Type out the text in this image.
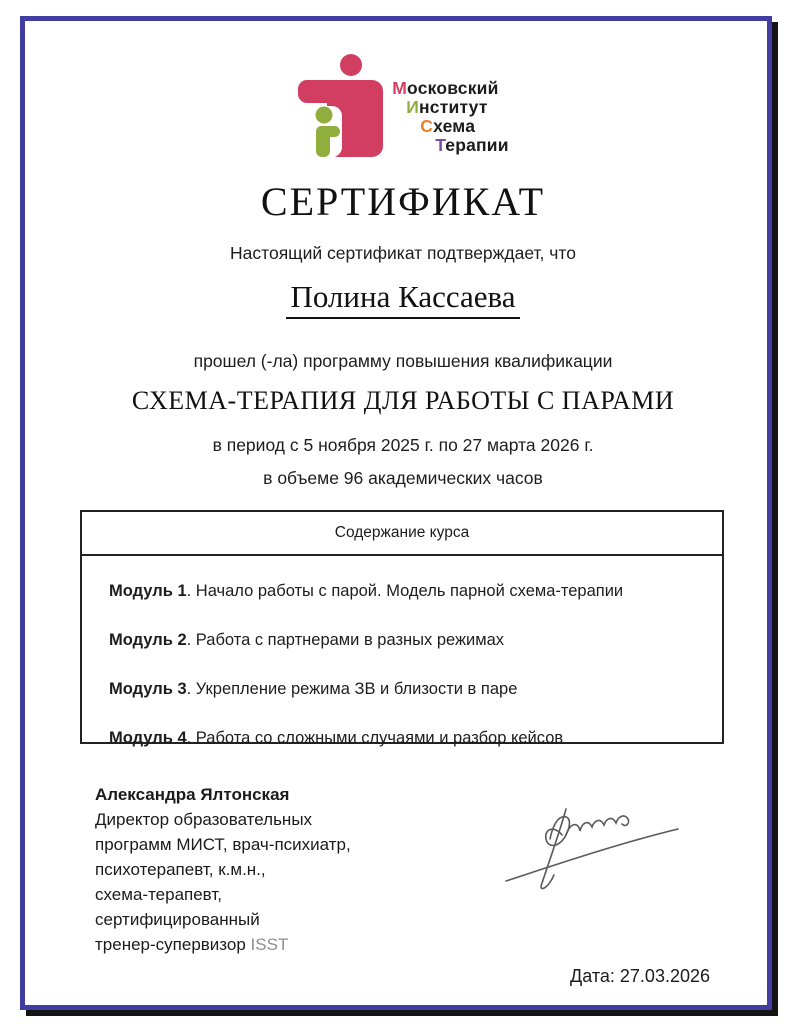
Московский
Институт
Схема
Терапии
СЕРТИФИКАТ
Настоящий сертификат подтверждает, что
Полина Кассаева
прошел (-ла) программу повышения квалификации
СХЕМА-ТЕРАПИЯ ДЛЯ РАБОТЫ С ПАРАМИ
в период с 5 ноября 2025 г. по 27 марта 2026 г.
в объеме 96 академических часов
Содержание курса
Модуль 1. Начало работы с парой. Модель парной схема-терапии
Модуль 2. Работа с партнерами в разных режимах
Модуль 3. Укрепление режима ЗВ и близости в паре
Модуль 4. Работа со сложными случаями и разбор кейсов
Александра Ялтонская
Директор образовательных
программ МИСТ, врач-психиатр,
психотерапевт, к.м.н.,
схема-терапевт,
сертифицированный
тренер-супервизор ISST
Дата: 27.03.2026
